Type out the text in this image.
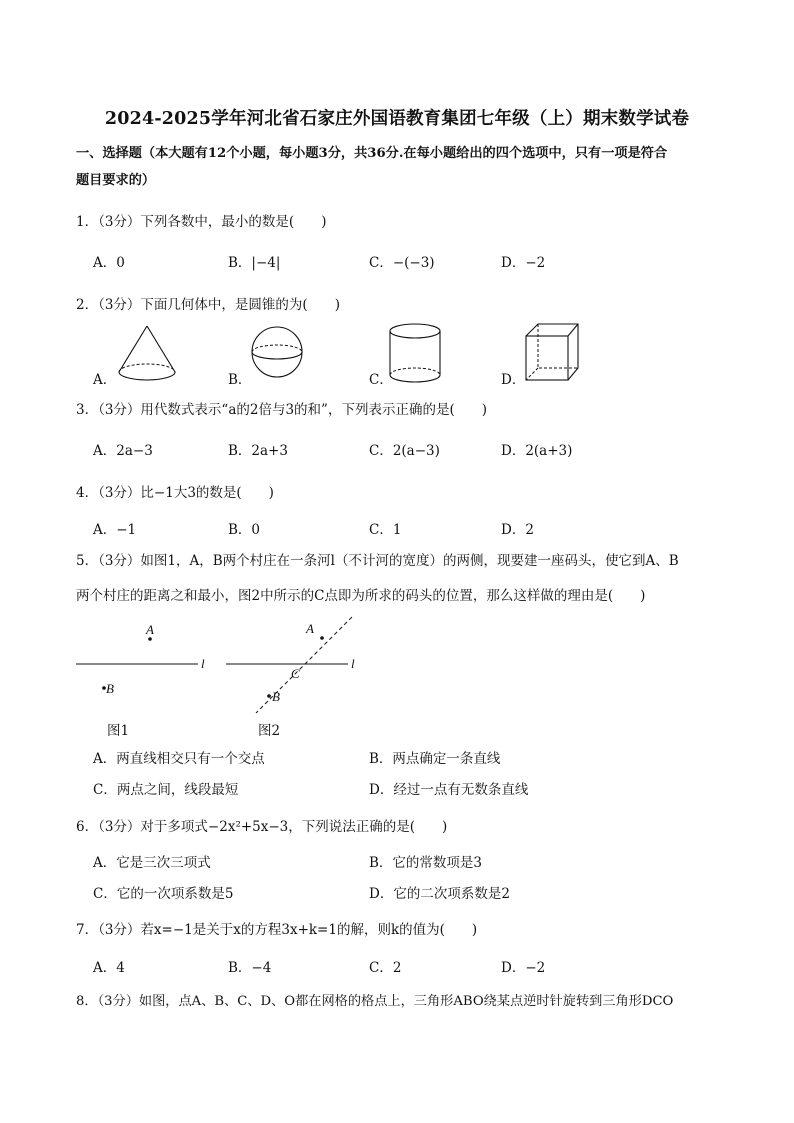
2024-2025学年河北省石家庄外国语教育集团七年级（上）期末数学试卷
一、选择题（本大题有12个小题，每小题3分，共36分.在每小题给出的四个选项中，只有一项是符合
题目要求的）
1．（3分）下列各数中，最小的数是(　　)
A．0	B．|−4|	C．−(−3)	D．−2
2．（3分）下面几何体中，是圆锥的为(　　)
A．	B．	C．	D．
3．（3分）用代数式表示“a的2倍与3的和”，下列表示正确的是(　　)
A．2a−3	B．2a+3	C．2(a−3)	D．2(a+3)
4．（3分）比−1大3的数是(　　)
A．−1	B．0	C．1	D．2
5．（3分）如图1，A，B两个村庄在一条河l（不计河的宽度）的两侧，现要建一座码头，使它到A、B
两个村庄的距离之和最小，图2中所示的C点即为所求的码头的位置，那么这样做的理由是(　　)
A
B
l
图1
A
C
B
l
图2
A．两直线相交只有一个交点	B．两点确定一条直线
C．两点之间，线段最短	D．经过一点有无数条直线
6．（3分）对于多项式−2x²+5x−3，下列说法正确的是(　　)
A．它是三次三项式	B．它的常数项是3
C．它的一次项系数是5	D．它的二次项系数是2
7．（3分）若x=−1是关于x的方程3x+k=1的解，则k的值为(　　)
A．4	B．−4	C．2	D．−2
8．（3分）如图，点A、B、C、D、O都在网格的格点上，三角形ABO绕某点逆时针旋转到三角形DCO
